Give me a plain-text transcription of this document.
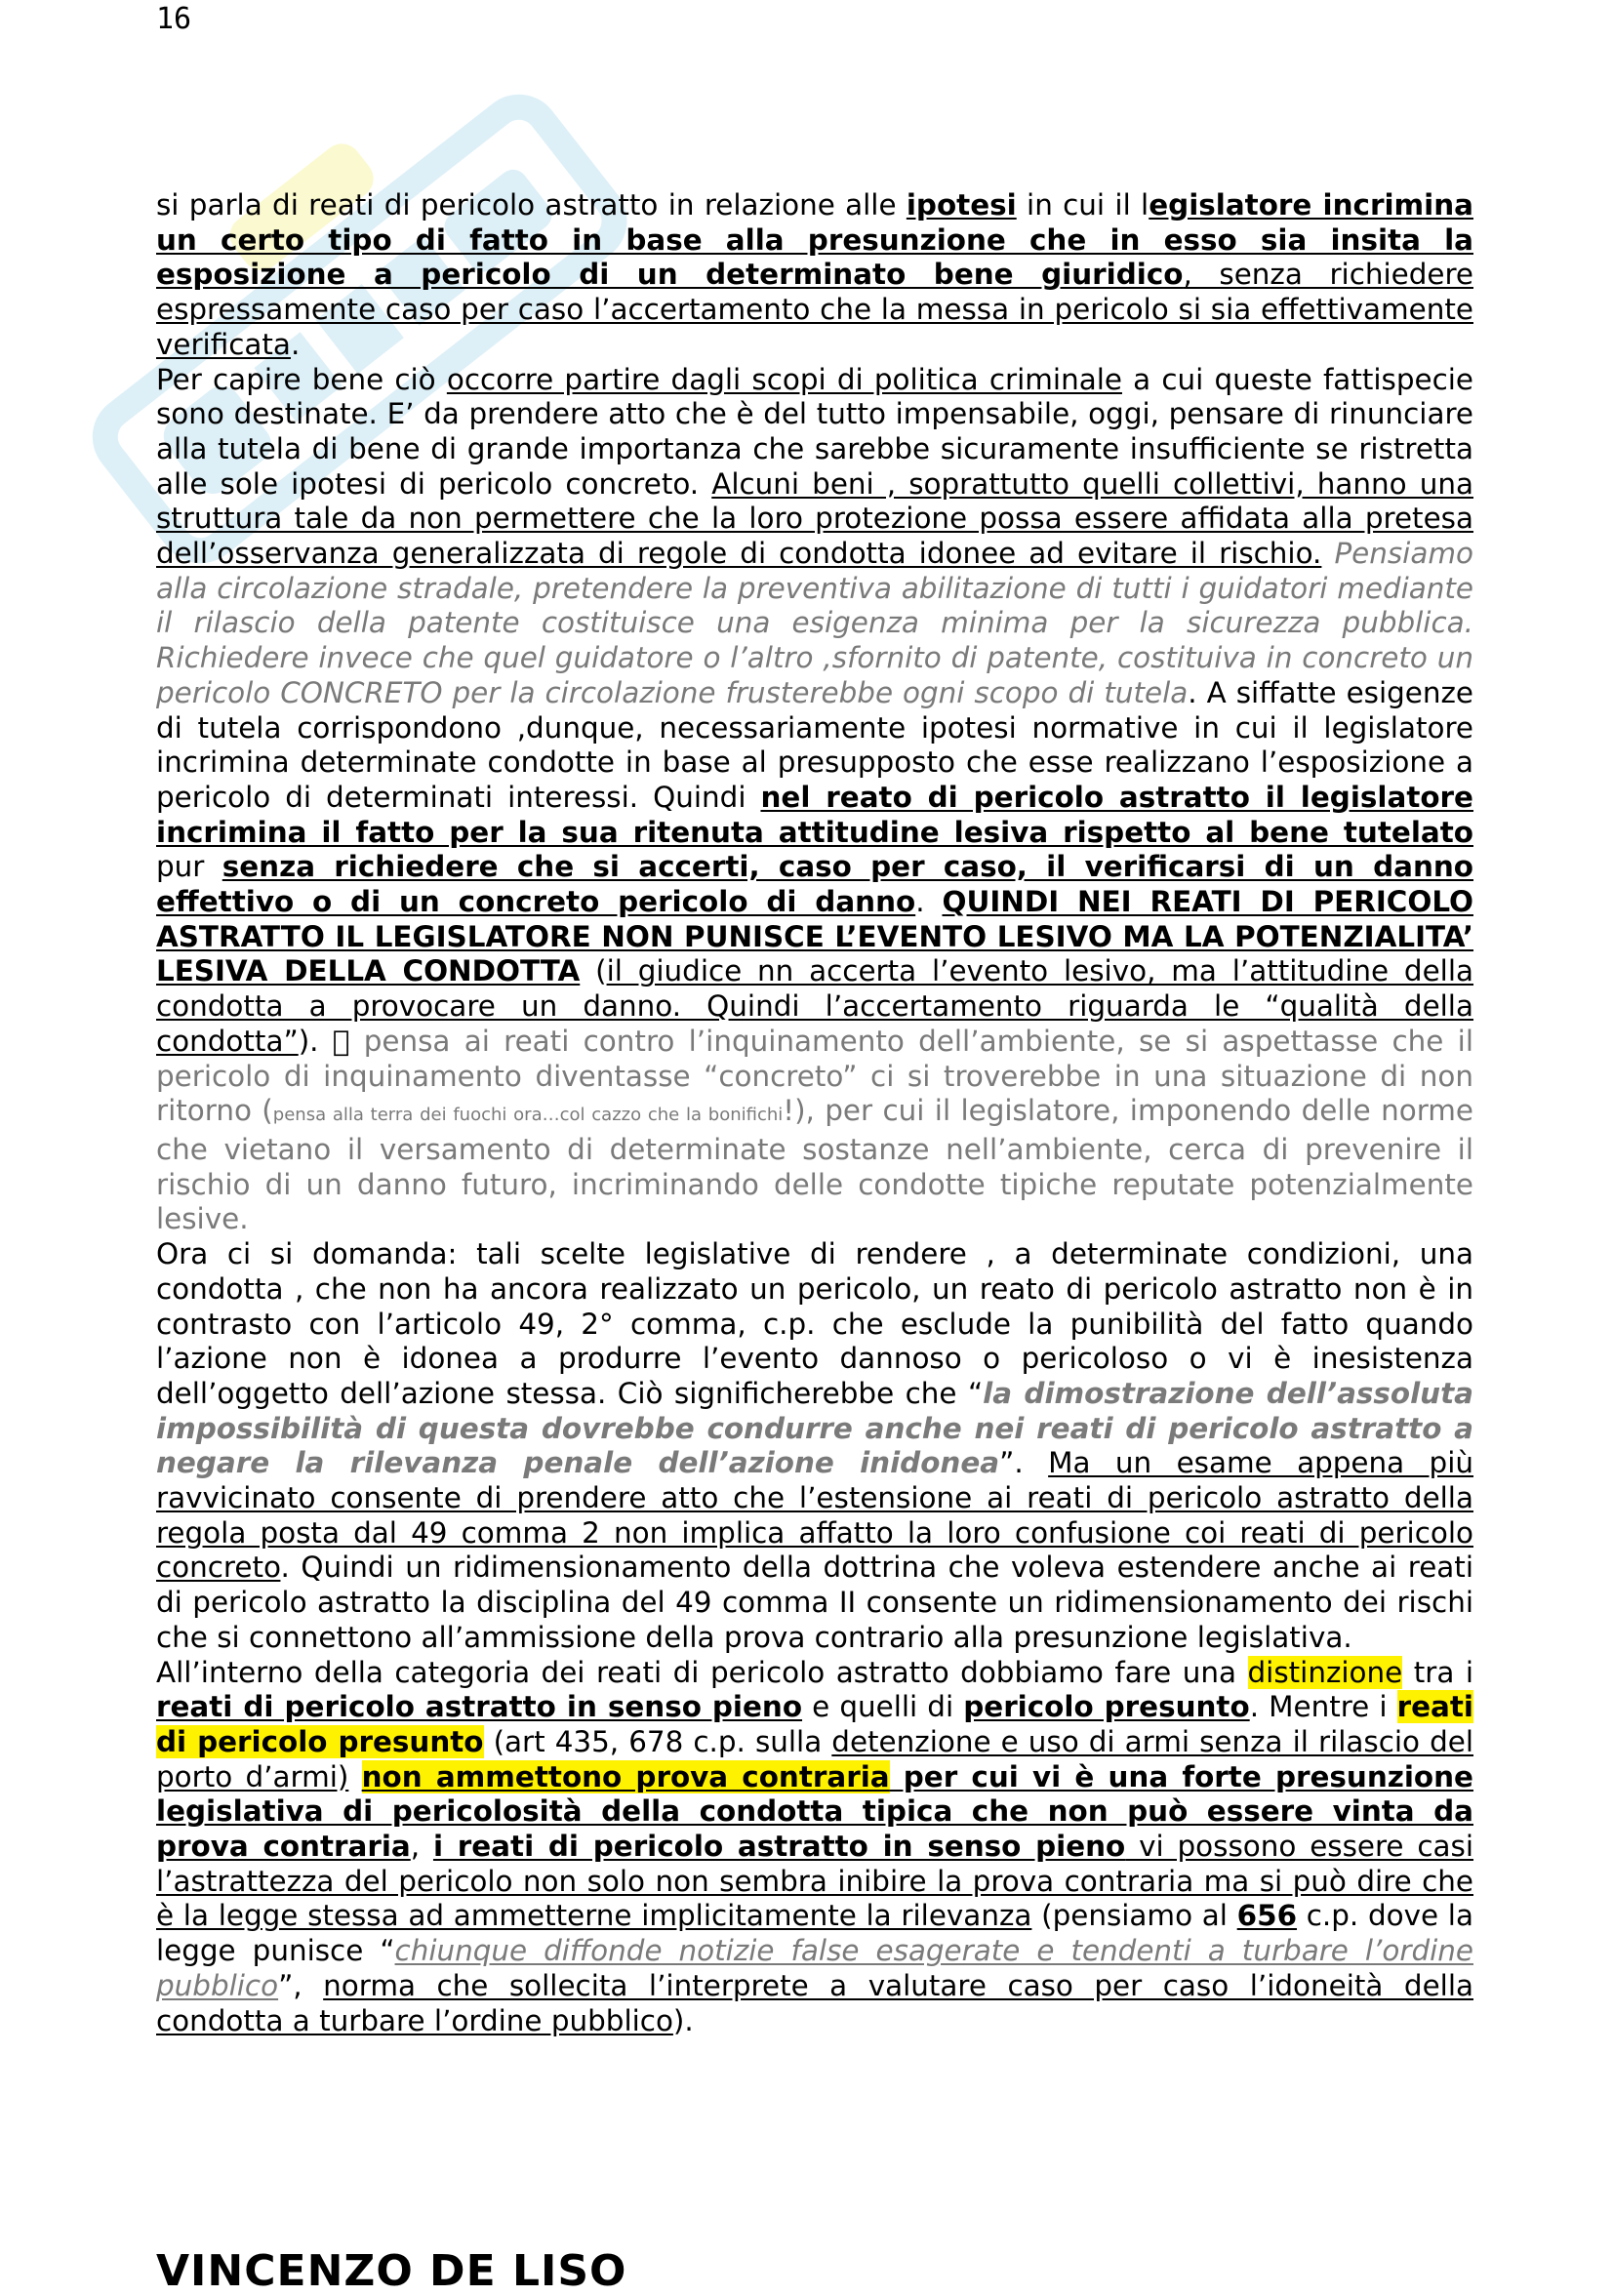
16
si parla di reati di pericolo astratto in relazione alle ipotesi in cui il legislatore incrimina un certo tipo di fatto in base alla presunzione che in esso sia insita la esposizione a pericolo di un determinato bene giuridico, senza richiedere espressamente caso per caso l’accertamento che la messa in pericolo si sia effettivamente verificata.
Per capire bene ciò occorre partire dagli scopi di politica criminale a cui queste fattispecie sono destinate. E’ da prendere atto che è del tutto impensabile, oggi, pensare di rinunciare alla tutela di bene di grande importanza che sarebbe sicuramente insufficiente se ristretta alle sole ipotesi di pericolo concreto. Alcuni beni , soprattutto quelli collettivi, hanno una struttura tale da non permettere che la loro protezione possa essere affidata alla pretesa dell’osservanza generalizzata di regole di condotta idonee ad evitare il rischio. Pensiamo alla circolazione stradale, pretendere la preventiva abilitazione di tutti i guidatori mediante il rilascio della patente costituisce una esigenza minima per la sicurezza pubblica. Richiedere invece che quel guidatore o l’altro ,sfornito di patente, costituiva in concreto un pericolo CONCRETO per la circolazione frusterebbe ogni scopo di tutela. A siffatte esigenze di tutela corrispondono ,dunque, necessariamente ipotesi normative in cui il legislatore incrimina determinate condotte in base al presupposto che esse realizzano l’esposizione a pericolo di determinati interessi. Quindi nel reato di pericolo astratto il legislatore incrimina il fatto per la sua ritenuta attitudine lesiva rispetto al bene tutelato pur senza richiedere che si accerti, caso per caso, il verificarsi di un danno effettivo o di un concreto pericolo di danno. QUINDI NEI REATI DI PERICOLO ASTRATTO IL LEGISLATORE NON PUNISCE L’EVENTO LESIVO MA LA POTENZIALITA’ LESIVA DELLA CONDOTTA (il giudice nn accerta l’evento lesivo, ma l’attitudine della condotta a provocare un danno. Quindi l’accertamento riguarda le “qualità della condotta”). pensa ai reati contro l’inquinamento dell’ambiente, se si aspettasse che il pericolo di inquinamento diventasse “concreto” ci si troverebbe in una situazione di non ritorno (pensa alla terra dei fuochi ora…col cazzo che la bonifichi!), per cui il legislatore, imponendo delle norme che vietano il versamento di determinate sostanze nell’ambiente, cerca di prevenire il rischio di un danno futuro, incriminando delle condotte tipiche reputate potenzialmente lesive.
Ora ci si domanda: tali scelte legislative di rendere , a determinate condizioni, una condotta , che non ha ancora realizzato un pericolo, un reato di pericolo astratto non è in contrasto con l’articolo 49, 2° comma, c.p. che esclude la punibilità del fatto quando l’azione non è idonea a produrre l’evento dannoso o pericoloso o vi è inesistenza dell’oggetto dell’azione stessa. Ciò significherebbe che “la dimostrazione dell’assoluta impossibilità di questa dovrebbe condurre anche nei reati di pericolo astratto a negare la rilevanza penale dell’azione inidonea”. Ma un esame appena più ravvicinato consente di prendere atto che l’estensione ai reati di pericolo astratto della regola posta dal 49 comma 2 non implica affatto la loro confusione coi reati di pericolo concreto. Quindi un ridimensionamento della dottrina che voleva estendere anche ai reati di pericolo astratto la disciplina del 49 comma II consente un ridimensionamento dei rischi che si connettono all’ammissione della prova contrario alla presunzione legislativa.
All’interno della categoria dei reati di pericolo astratto dobbiamo fare una distinzione tra i reati di pericolo astratto in senso pieno e quelli di pericolo presunto. Mentre i reati di pericolo presunto (art 435, 678 c.p. sulla detenzione e uso di armi senza il rilascio del porto d’armi) non ammettono prova contraria per cui vi è una forte presunzione legislativa di pericolosità della condotta tipica che non può essere vinta da prova contraria, i reati di pericolo astratto in senso pieno vi possono essere casi l’astrattezza del pericolo non solo non sembra inibire la prova contraria ma si può dire che è la legge stessa ad ammetterne implicitamente la rilevanza (pensiamo al 656 c.p. dove la legge punisce “chiunque diffonde notizie false esagerate e tendenti a turbare l’ordine pubblico”, norma che sollecita l’interprete a valutare caso per caso l’idoneità della condotta a turbare l’ordine pubblico).
VINCENZO DE LISO
